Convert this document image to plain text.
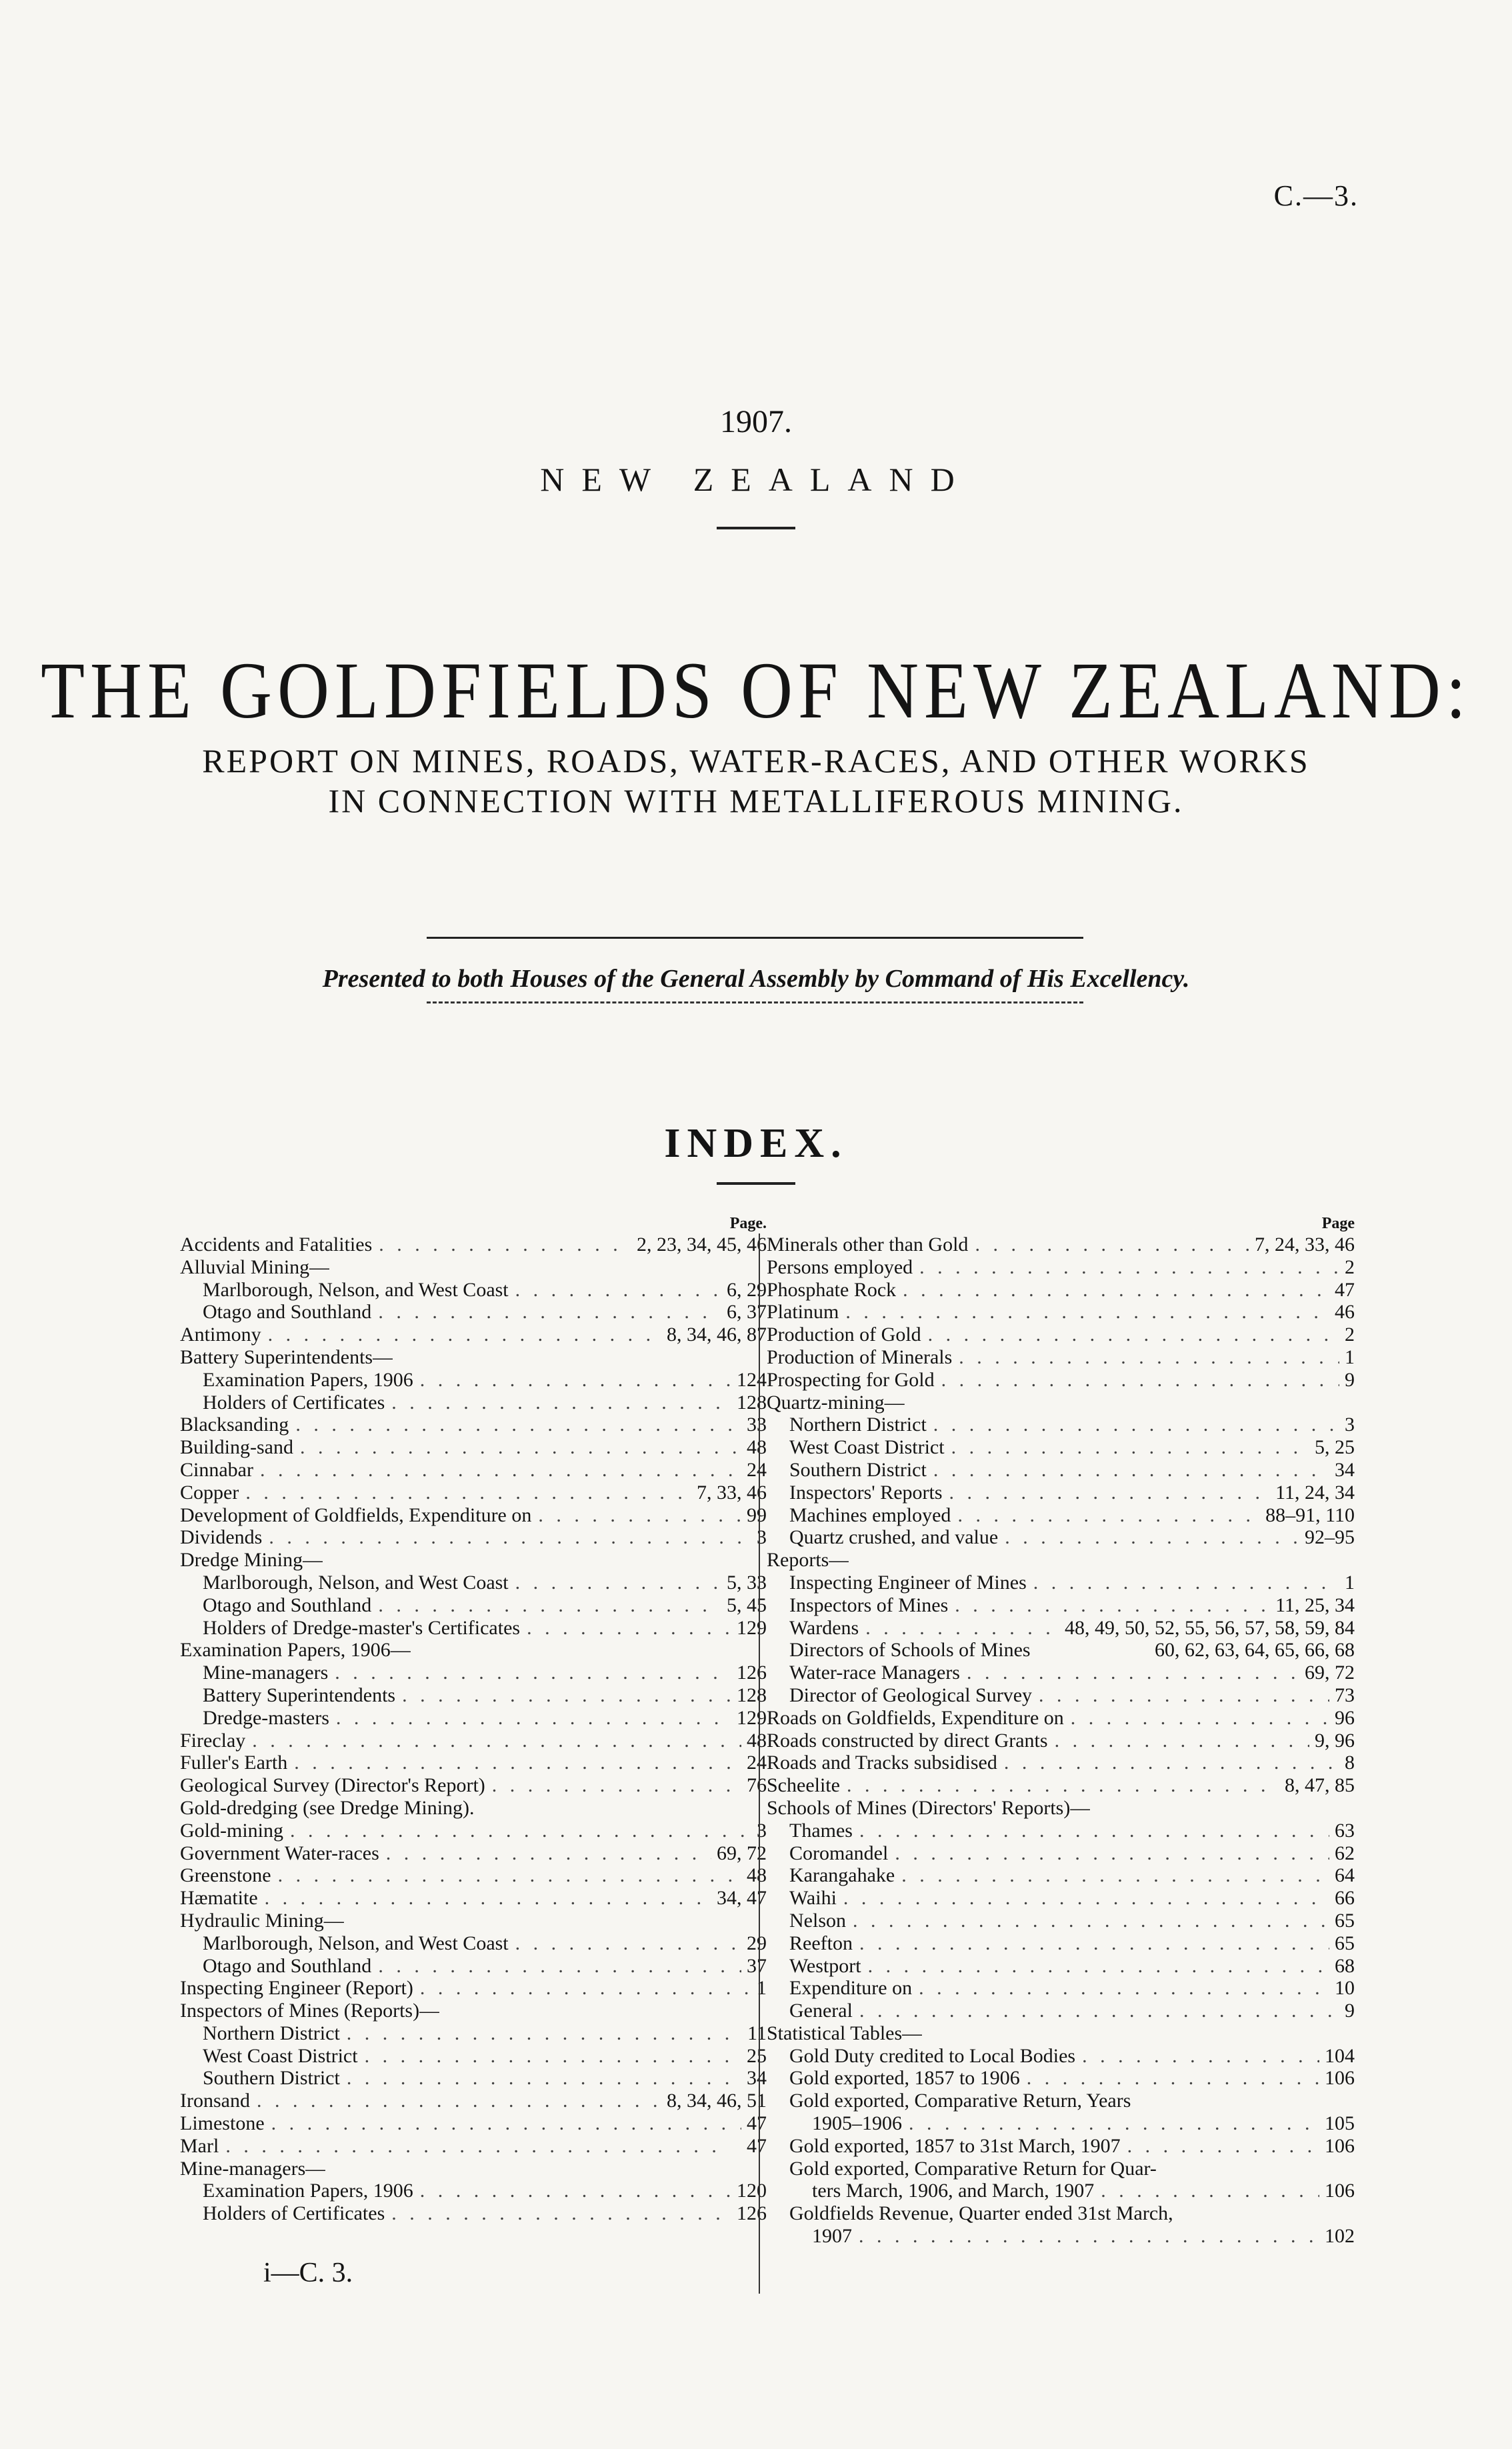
C.—3.
1907.
NEW ZEALAND
THE GOLDFIELDS OF NEW ZEALAND:
REPORT ON MINES, ROADS, WATER-RACES, AND OTHER WORKS
IN CONNECTION WITH METALLIFEROUS MINING.
Presented to both Houses of the General Assembly by Command of His Excellency.
INDEX.
Page.
Accidents and Fatalities . .	2, 23, 34, 45, 46
Alluvial Mining—
Marlborough, Nelson, and West Coast . .	6, 29
Otago and Southland . .	6, 37
Antimony . .	8, 34, 46, 87
Battery Superintendents—
Examination Papers, 1906 . .	124
Holders of Certificates . .	128
Blacksanding . .	33
Building-sand . .	48
Cinnabar . .	24
Copper . .	7, 33, 46
Development of Goldfields, Expenditure on . .	99
Dividends . .	3
Dredge Mining—
Marlborough, Nelson, and West Coast . .	5, 33
Otago and Southland . .	5, 45
Holders of Dredge-master's Certificates . .	129
Examination Papers, 1906—
Mine-managers . .	126
Battery Superintendents . .	128
Dredge-masters . .	129
Fireclay . .	48
Fuller's Earth . .	24
Geological Survey (Director's Report) . .	76
Gold-dredging (see Dredge Mining).
Gold-mining . .	3
Government Water-races . .	69, 72
Greenstone . .	48
Hæmatite . .	34, 47
Hydraulic Mining—
Marlborough, Nelson, and West Coast . .	29
Otago and Southland . .	37
Inspecting Engineer (Report) . .	1
Inspectors of Mines (Reports)—
Northern District . .	11
West Coast District . .	25
Southern District . .	34
Ironsand . .	8, 34, 46, 51
Limestone . .	47
Marl . .	47
Mine-managers—
Examination Papers, 1906 . .	120
Holders of Certificates . .	126
Page
Minerals other than Gold . .	7, 24, 33, 46
Persons employed . .	2
Phosphate Rock . .	47
Platinum . .	46
Production of Gold . .	2
Production of Minerals . .	1
Prospecting for Gold . .	9
Quartz-mining—
Northern District . .	3
West Coast District . .	5, 25
Southern District . .	34
Inspectors' Reports . .	11, 24, 34
Machines employed . .	88–91, 110
Quartz crushed, and value . .	92–95
Reports—
Inspecting Engineer of Mines . .	1
Inspectors of Mines . .	11, 25, 34
Wardens . .	48, 49, 50, 52, 55, 56, 57, 58, 59, 84
Directors of Schools of Mines	60, 62, 63, 64, 65, 66, 68
Water-race Managers . .	69, 72
Director of Geological Survey . .	73
Roads on Goldfields, Expenditure on . .	96
Roads constructed by direct Grants . .	9, 96
Roads and Tracks subsidised . .	8
Scheelite . .	8, 47, 85
Schools of Mines (Directors' Reports)—
Thames . .	63
Coromandel . .	62
Karangahake . .	64
Waihi . .	66
Nelson . .	65
Reefton . .	65
Westport . .	68
Expenditure on . .	10
General . .	9
Statistical Tables—
Gold Duty credited to Local Bodies . .	104
Gold exported, 1857 to 1906 . .	106
Gold exported, Comparative Return, Years
1905–1906 . .	105
Gold exported, 1857 to 31st March, 1907 . .	106
Gold exported, Comparative Return for Quar-
ters March, 1906, and March, 1907 . .	106
Goldfields Revenue, Quarter ended 31st March,
1907 . .	102
i—C. 3.
